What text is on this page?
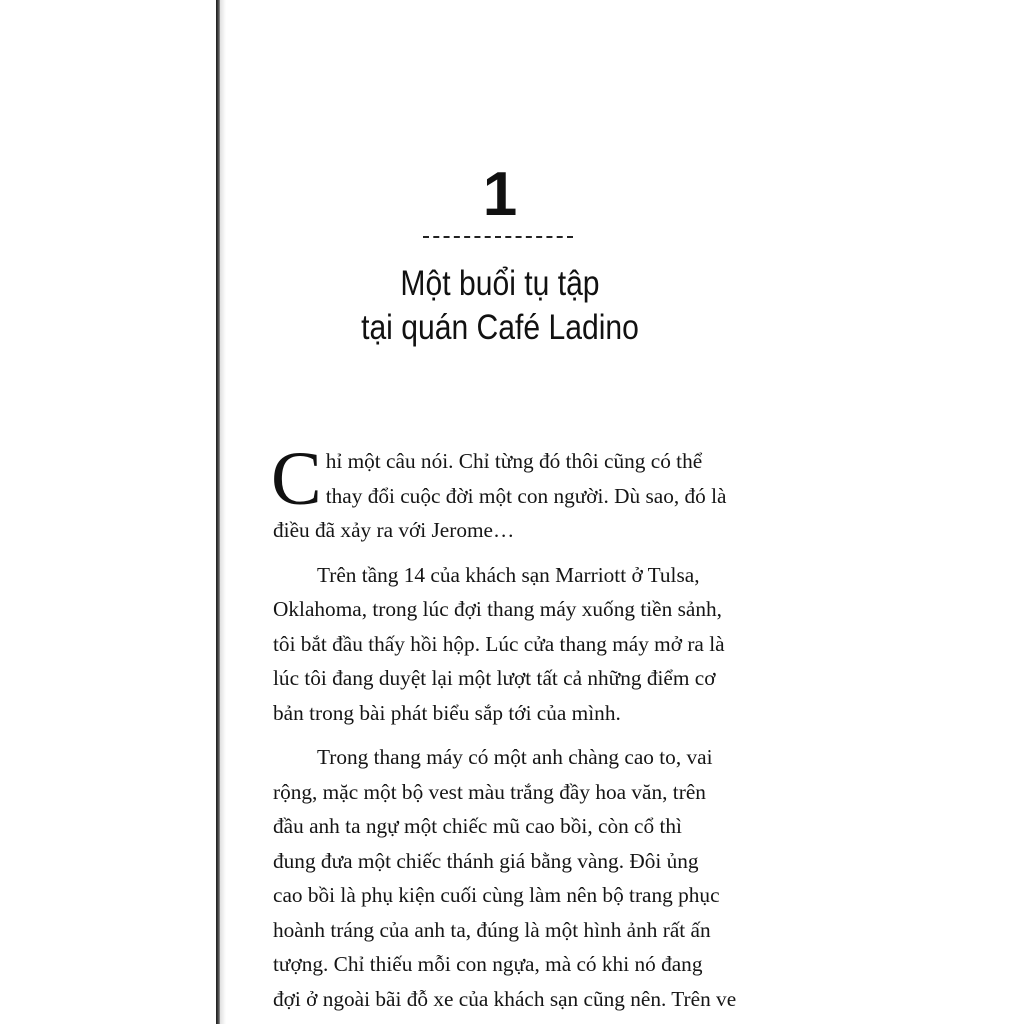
1
Một buổi tụ tập
tại quán Café Ladino

C hỉ một câu nói. Chỉ từng đó thôi cũng có thể
thay đổi cuộc đời một con người. Dù sao, đó là
điều đã xảy ra với Jerome…

Trên tầng 14 của khách sạn Marriott ở Tulsa,
Oklahoma, trong lúc đợi thang máy xuống tiền sảnh,
tôi bắt đầu thấy hồi hộp. Lúc cửa thang máy mở ra là
lúc tôi đang duyệt lại một lượt tất cả những điểm cơ
bản trong bài phát biểu sắp tới của mình.

Trong thang máy có một anh chàng cao to, vai
rộng, mặc một bộ vest màu trắng đầy hoa văn, trên
đầu anh ta ngự một chiếc mũ cao bồi, còn cổ thì
đung đưa một chiếc thánh giá bằng vàng. Đôi ủng
cao bồi là phụ kiện cuối cùng làm nên bộ trang phục
hoành tráng của anh ta, đúng là một hình ảnh rất ấn
tượng. Chỉ thiếu mỗi con ngựa, mà có khi nó đang
đợi ở ngoài bãi đỗ xe của khách sạn cũng nên. Trên ve
